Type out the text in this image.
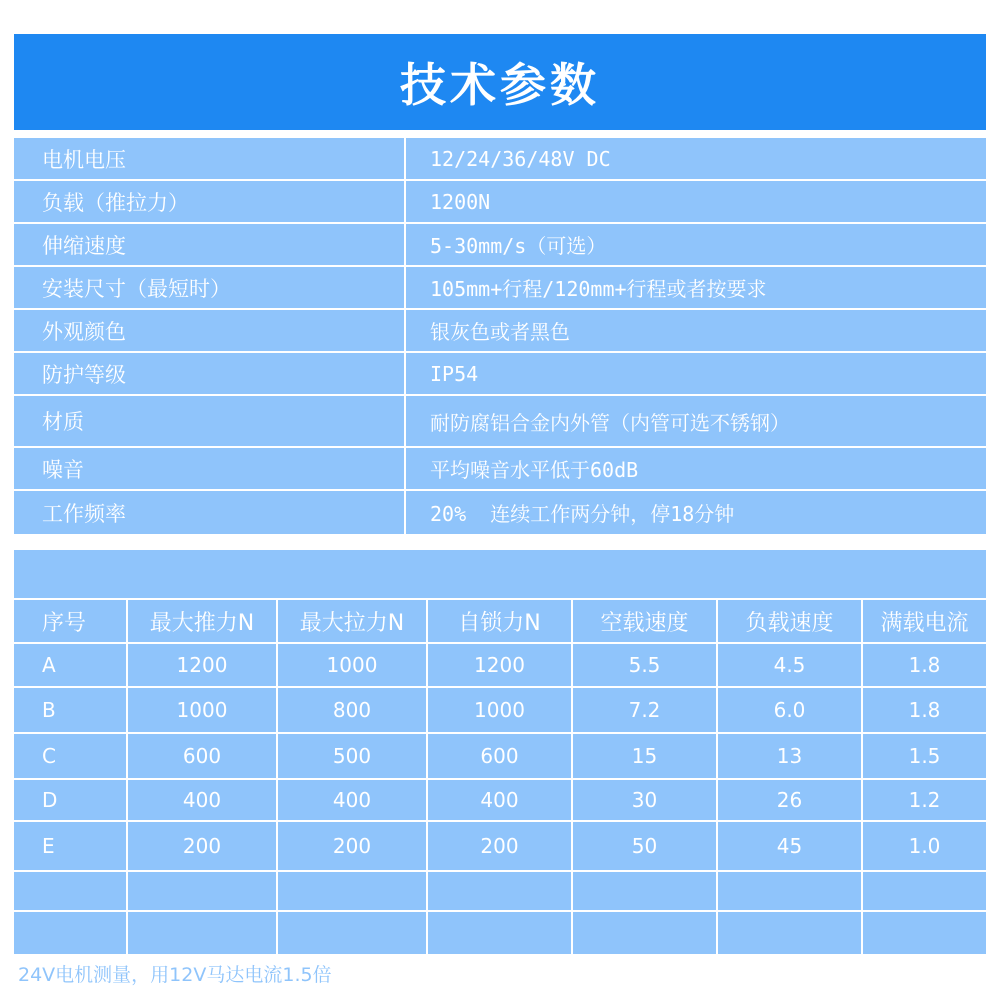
技术参数
电机电压	12/24/36/48V DC
负载（推拉力）	1200N
伸缩速度	5-30mm/s（可选）
安装尺寸（最短时）	105mm+行程/120mm+行程或者按要求
外观颜色	银灰色或者黑色
防护等级	IP54
材质	耐防腐铝合金内外管（内管可选不锈钢）
噪音	平均噪音水平低于60dB
工作频率	20%  连续工作两分钟，停18分钟
序号	最大推力N	最大拉力N	自锁力N	空载速度	负载速度	满载电流
A	1200	1000	1200	5.5	4.5	1.8
B	1000	800	1000	7.2	6.0	1.8
C	600	500	600	15	13	1.5
D	400	400	400	30	26	1.2
E	200	200	200	50	45	1.0
24V电机测量，用12V马达电流1.5倍
